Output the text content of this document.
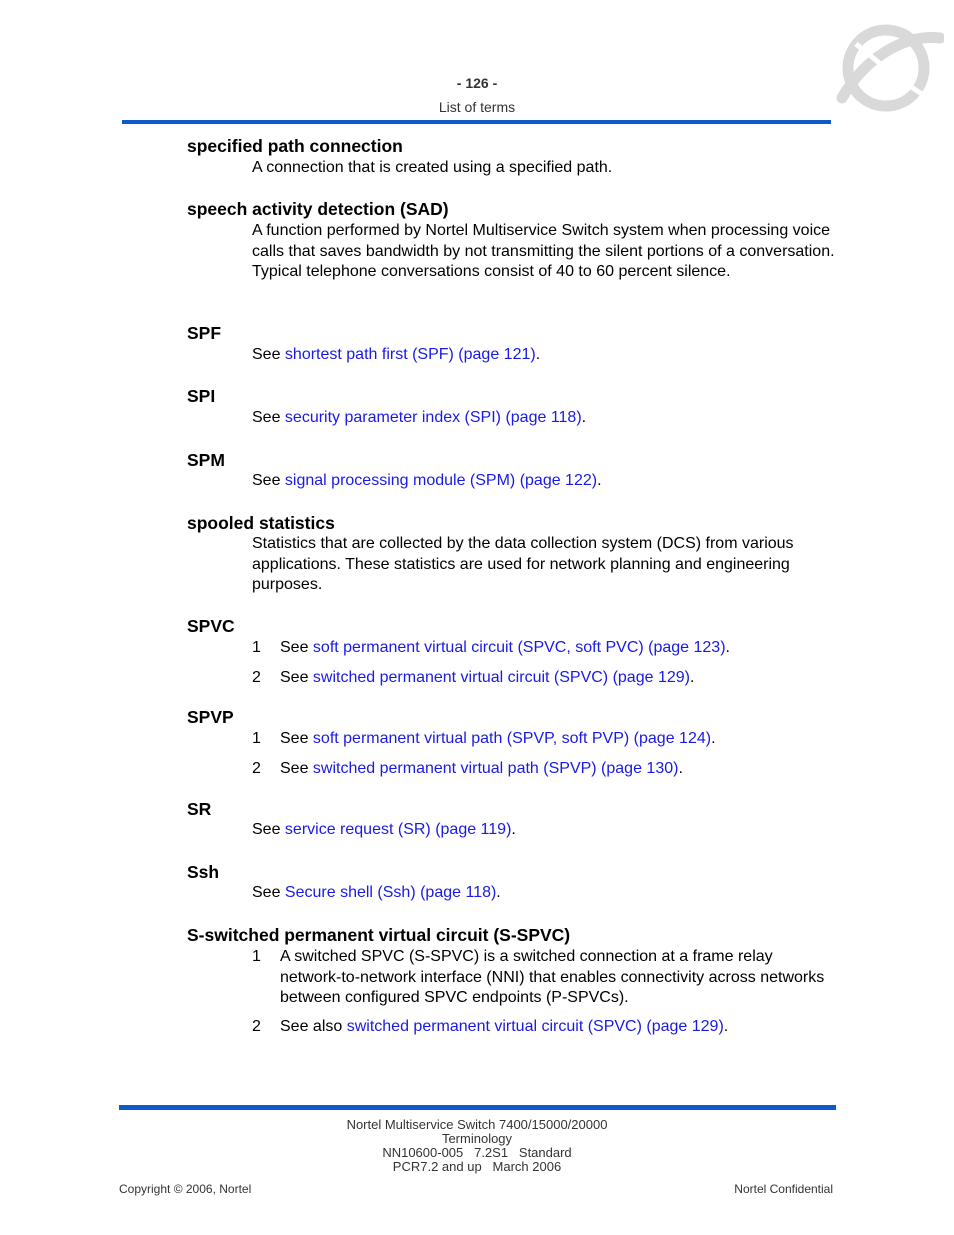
- 126 -
List of terms
specified path connection
A connection that is created using a specified path.
speech activity detection (SAD)
A function performed by Nortel Multiservice Switch system when processing voice calls that saves bandwidth by not transmitting the silent portions of a conversation. Typical telephone conversations consist of 40 to 60 percent silence.
SPF
See shortest path first (SPF) (page 121).
SPI
See security parameter index (SPI) (page 118).
SPM
See signal processing module (SPM) (page 122).
spooled statistics
Statistics that are collected by the data collection system (DCS) from various applications. These statistics are used for network planning and engineering purposes.
SPVC
1 See soft permanent virtual circuit (SPVC, soft PVC) (page 123).
2 See switched permanent virtual circuit (SPVC) (page 129).
SPVP
1 See soft permanent virtual path (SPVP, soft PVP) (page 124).
2 See switched permanent virtual path (SPVP) (page 130).
SR
See service request (SR) (page 119).
Ssh
See Secure shell (Ssh) (page 118).
S-switched permanent virtual circuit (S-SPVC)
1 A switched SPVC (S-SPVC) is a switched connection at a frame relay network-to-network interface (NNI) that enables connectivity across networks between configured SPVC endpoints (P-SPVCs).
2 See also switched permanent virtual circuit (SPVC) (page 129).
Nortel Multiservice Switch 7400/15000/20000
Terminology
NN10600-005   7.2S1   Standard
PCR7.2 and up   March 2006
Copyright © 2006, Nortel	Nortel Confidential
